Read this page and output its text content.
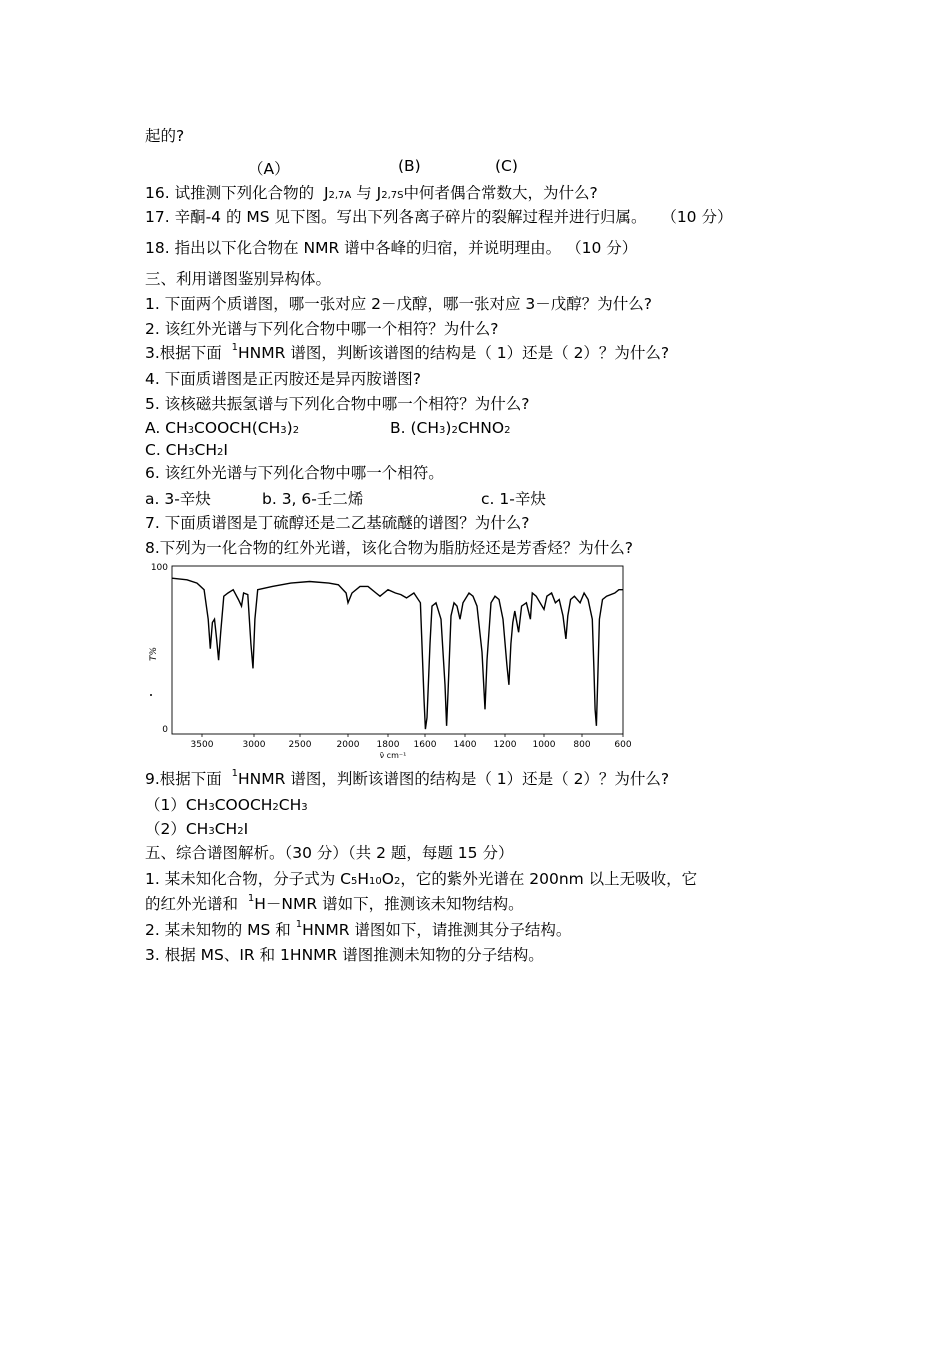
起的?
（A）	(B)	(C)
16. 试推测下列化合物的 J2,7A 与 J2,7S中何者偶合常数大，为什么?
17. 辛酮-4 的 MS 见下图。写出下列各离子碎片的裂解过程并进行归属。 （10 分）
18. 指出以下化合物在 NMR 谱中各峰的归宿，并说明理由。 （10 分）
三、利用谱图鉴别异构体。
1. 下面两个质谱图，哪一张对应 2－戊醇，哪一张对应 3－戊醇？为什么?
2. 该红外光谱与下列化合物中哪一个相符？为什么?
3.根据下面 $^1$HNMR 谱图，判断该谱图的结构是（ 1）还是（ 2）？为什么?
4. 下面质谱图是正丙胺还是异丙胺谱图?
5. 该核磁共振氢谱与下列化合物中哪一个相符？为什么?
A. CH3COOCH(CH3)2	B. (CH3)2CHNO2
C. CH3CH2I
6. 该红外光谱与下列化合物中哪一个相符。
a. 3-辛炔	b. 3, 6-壬二烯	c. 1-辛炔
7. 下面质谱图是丁硫醇还是二乙基硫醚的谱图？为什么?
8.下列为一化合物的红外光谱，该化合物为脂肪烃还是芳香烃？为什么?
3500	3000	2500	2000 1800 1600 1400 1200 1000 800	600
100
0
T%
ν̄ cm⁻¹
9.根据下面 $^1$HNMR 谱图，判断该谱图的结构是（ 1）还是（ 2）？为什么?
（1）CH3COOCH2CH3
（2）CH3CH2I
五、综合谱图解析。（30 分）（共 2 题，每题 15 分）
1. 某未知化合物，分子式为 C5H10O2，它的紫外光谱在 200nm 以上无吸收，它
的红外光谱和 $^1$H－NMR 谱如下，推测该未知物结构。
2. 某未知物的 MS 和 $^1$HNMR 谱图如下，请推测其分子结构。
3. 根据 MS、IR 和 1HNMR 谱图推测未知物的分子结构。
